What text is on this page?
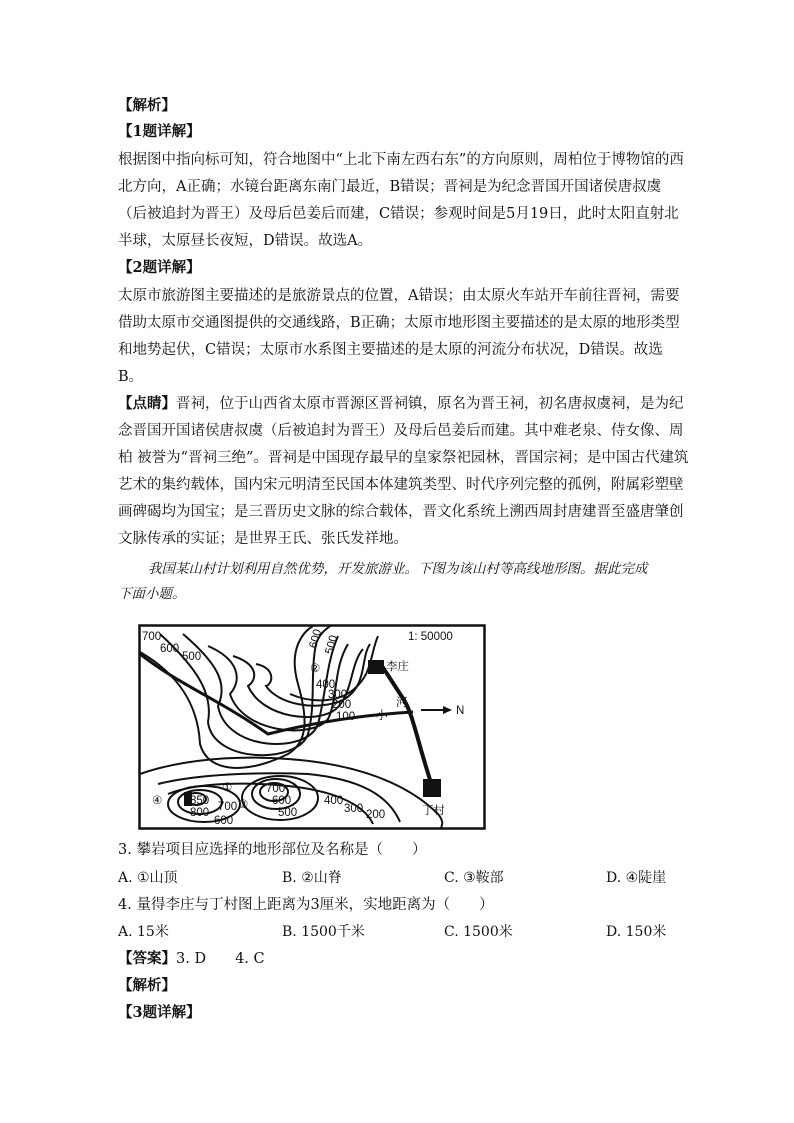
【解析】
【1题详解】
根据图中指向标可知，符合地图中“上北下南左西右东”的方向原则，周柏位于博物馆的西
北方向，A正确；水镜台距离东南门最近，B错误；晋祠是为纪念晋国开国诸侯唐叔虞
（后被追封为晋王）及母后邑姜后而建，C错误；参观时间是5月19日，此时太阳直射北
半球，太原昼长夜短，D错误。故选A。
【2题详解】
太原市旅游图主要描述的是旅游景点的位置，A错误；由太原火车站开车前往晋祠，需要
借助太原市交通图提供的交通线路，B正确；太原市地形图主要描述的是太原的地形类型
和地势起伏，C错误；太原市水系图主要描述的是太原的河流分布状况，D错误。故选
B。
【点睛】晋祠，位于山西省太原市晋源区晋祠镇，原名为晋王祠，初名唐叔虞祠，是为纪
念晋国开国诸侯唐叔虞（后被追封为晋王）及母后邑姜后而建。其中难老泉、侍女像、周
柏 被誉为“晋祠三绝”。晋祠是中国现存最早的皇家祭祀园林，晋国宗祠；是中国古代建筑
艺术的集约载体，国内宋元明清至民国本体建筑类型、时代序列完整的孤例，附属彩塑壁
画碑碣均为国宝；是三晋历史文脉的综合载体，晋文化系统上溯西周封唐建晋至盛唐肇创
文脉传承的实证；是世界王氏、张氏发祥地。
我国某山村计划利用自然优势，开发旅游业。下图为该山村等高线地形图。据此完成
下面小题。
1: 50000
N
小
河
李庄
丁村
②
①
③
④
700
600
500
600 500
400
300
200
100
850
800 700
600
700
600
500
400
300 200
3. 攀岩项目应选择的地形部位及名称是（　　）
A. ①山顶	B. ②山脊	C. ③鞍部	D. ④陡崖
4. 量得李庄与丁村图上距离为3厘米，实地距离为（　　）
A. 15米	B. 1500千米	C. 1500米	D. 150米
【答案】3. D　　4. C
【解析】
【3题详解】
